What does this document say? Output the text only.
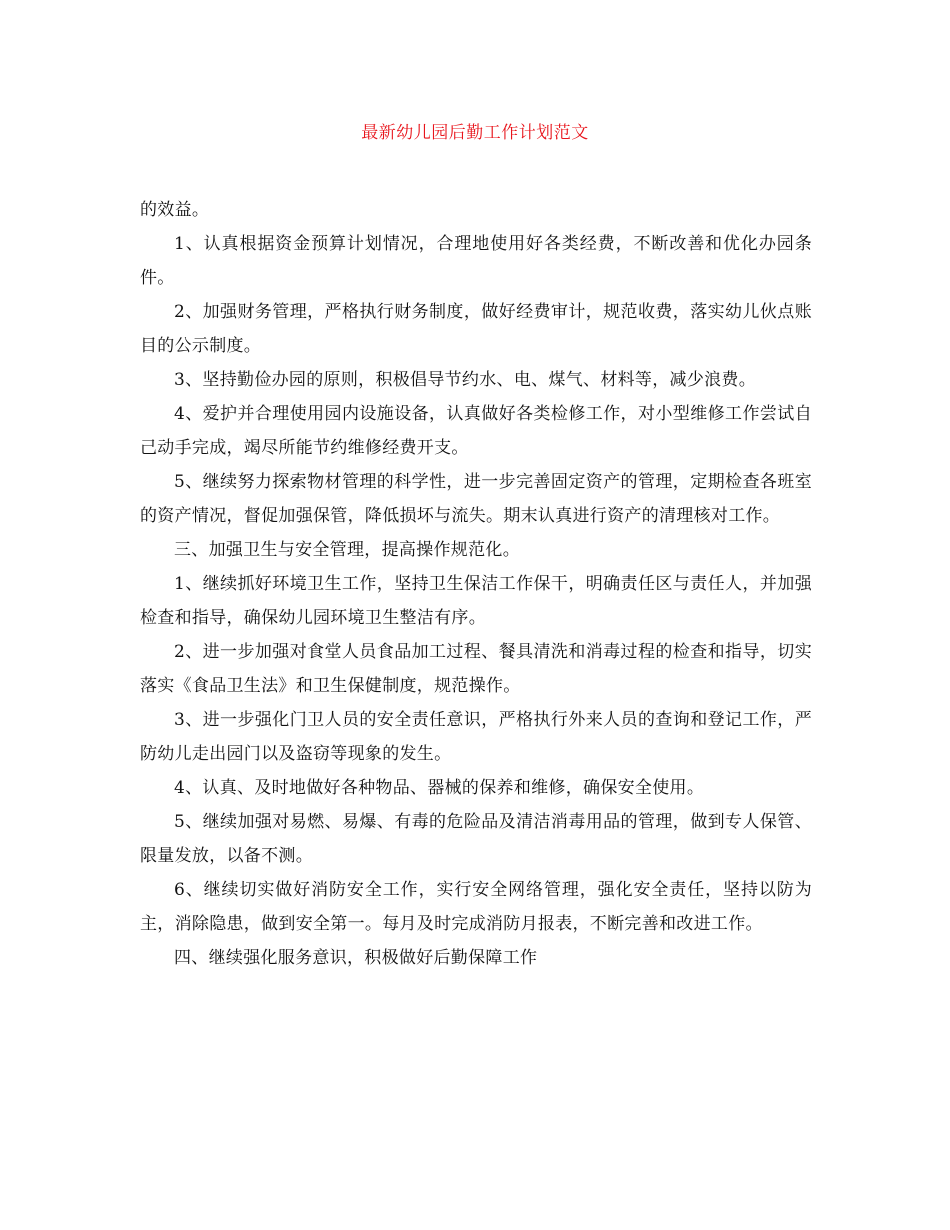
最新幼儿园后勤工作计划范文

的效益。

1、认真根据资金预算计划情况，合理地使用好各类经费，不断改善和优化办园条件。

2、加强财务管理，严格执行财务制度，做好经费审计，规范收费，落实幼儿伙点账目的公示制度。

3、坚持勤俭办园的原则，积极倡导节约水、电、煤气、材料等，减少浪费。

4、爱护并合理使用园内设施设备，认真做好各类检修工作，对小型维修工作尝试自己动手完成，竭尽所能节约维修经费开支。

5、继续努力探索物材管理的科学性，进一步完善固定资产的管理，定期检查各班室的资产情况，督促加强保管，降低损坏与流失。期末认真进行资产的清理核对工作。

三、加强卫生与安全管理，提高操作规范化。

1、继续抓好环境卫生工作，坚持卫生保洁工作保干，明确责任区与责任人，并加强检查和指导，确保幼儿园环境卫生整洁有序。

2、进一步加强对食堂人员食品加工过程、餐具清洗和消毒过程的检查和指导，切实落实《食品卫生法》和卫生保健制度，规范操作。

3、进一步强化门卫人员的安全责任意识，严格执行外来人员的查询和登记工作，严防幼儿走出园门以及盗窃等现象的发生。

4、认真、及时地做好各种物品、器械的保养和维修，确保安全使用。

5、继续加强对易燃、易爆、有毒的危险品及清洁消毒用品的管理，做到专人保管、限量发放，以备不测。

6、继续切实做好消防安全工作，实行安全网络管理，强化安全责任，坚持以防为主，消除隐患，做到安全第一。每月及时完成消防月报表，不断完善和改进工作。

四、继续强化服务意识，积极做好后勤保障工作
